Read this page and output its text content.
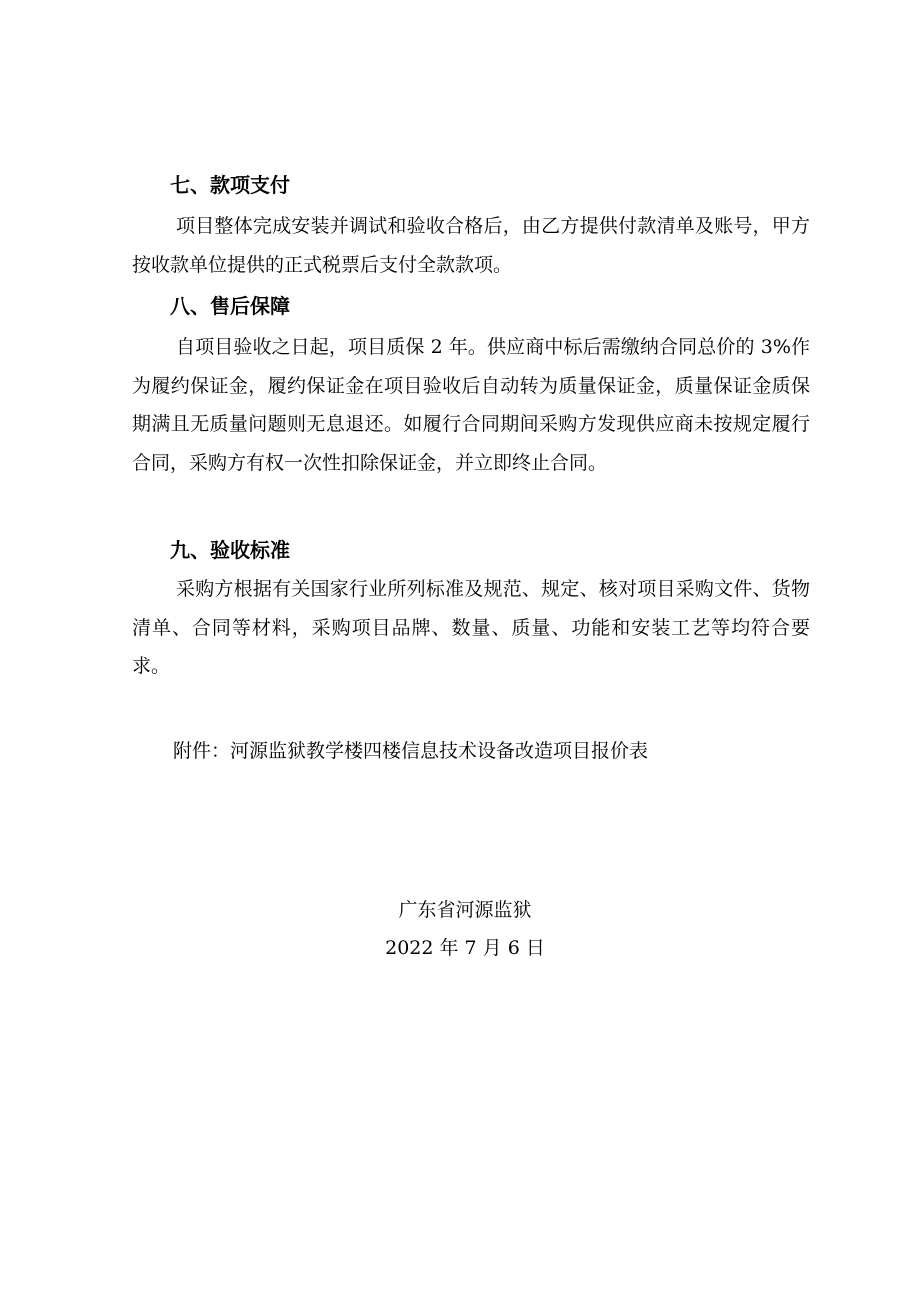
七、款项支付

项目整体完成安装并调试和验收合格后，由乙方提供付款清单及账号，甲方按收款单位提供的正式税票后支付全款款项。

八、售后保障

自项目验收之日起，项目质保 2 年。供应商中标后需缴纳合同总价的 3%作为履约保证金，履约保证金在项目验收后自动转为质量保证金，质量保证金质保期满且无质量问题则无息退还。如履行合同期间采购方发现供应商未按规定履行合同，采购方有权一次性扣除保证金，并立即终止合同。

九、验收标准

采购方根据有关国家行业所列标准及规范、规定、核对项目采购文件、货物清单、合同等材料，采购项目品牌、数量、质量、功能和安装工艺等均符合要求。

附件：河源监狱教学楼四楼信息技术设备改造项目报价表
广东省河源监狱
2022 年 7 月 6 日
